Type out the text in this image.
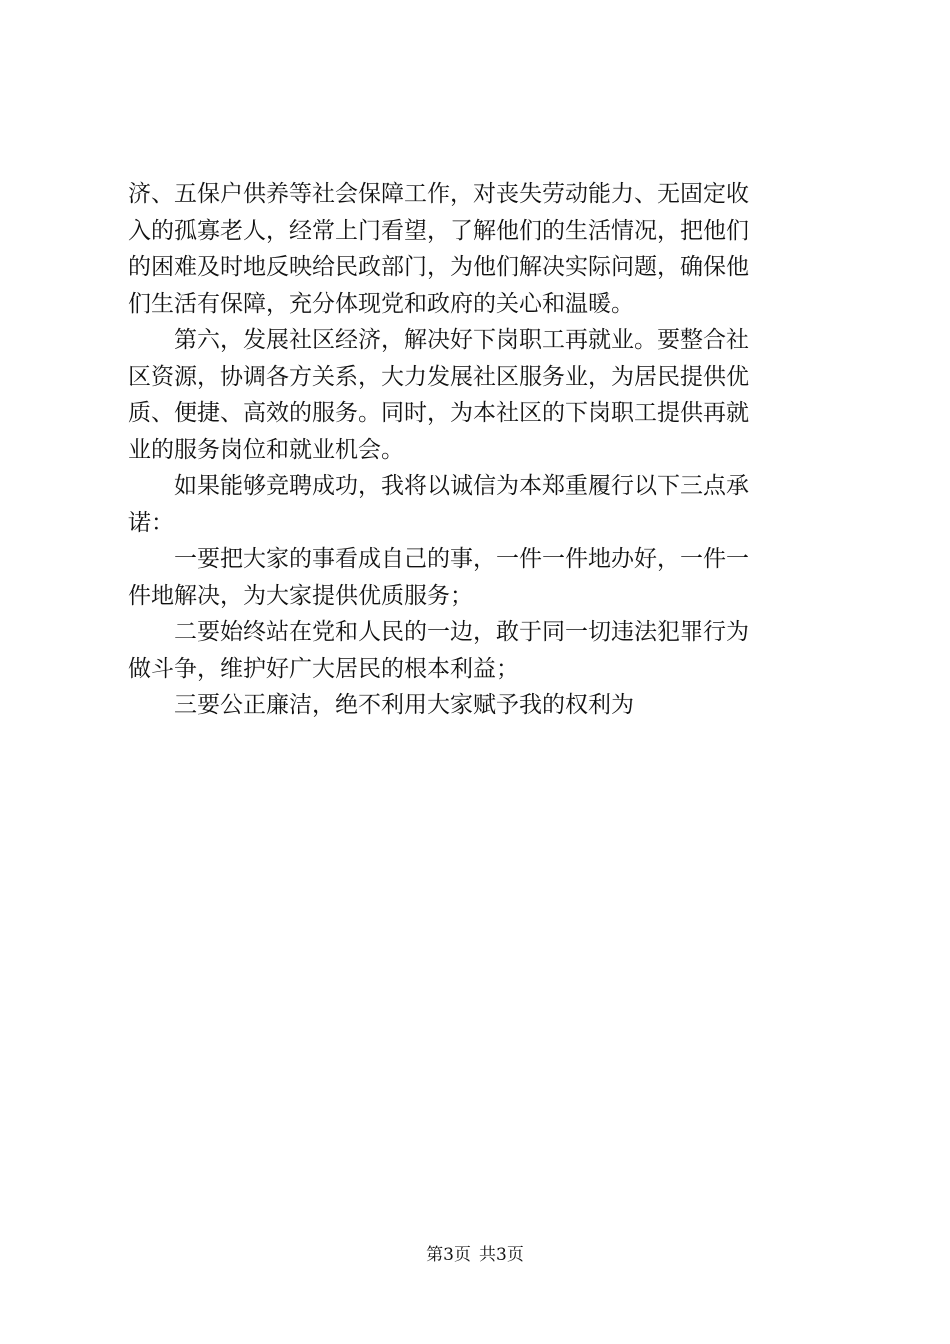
济、五保户供养等社会保障工作，对丧失劳动能力、无固定收
入的孤寡老人，经常上门看望，了解他们的生活情况，把他们
的困难及时地反映给民政部门，为他们解决实际问题，确保他
们生活有保障，充分体现党和政府的关心和温暖。
　　第六，发展社区经济，解决好下岗职工再就业。要整合社
区资源，协调各方关系，大力发展社区服务业，为居民提供优
质、便捷、高效的服务。同时，为本社区的下岗职工提供再就
业的服务岗位和就业机会。
　　如果能够竞聘成功，我将以诚信为本郑重履行以下三点承
诺：
　　一要把大家的事看成自己的事，一件一件地办好，一件一
件地解决，为大家提供优质服务；
　　二要始终站在党和人民的一边，敢于同一切违法犯罪行为
做斗争，维护好广大居民的根本利益；
　　三要公正廉洁，绝不利用大家赋予我的权利为
第3页 共3页
